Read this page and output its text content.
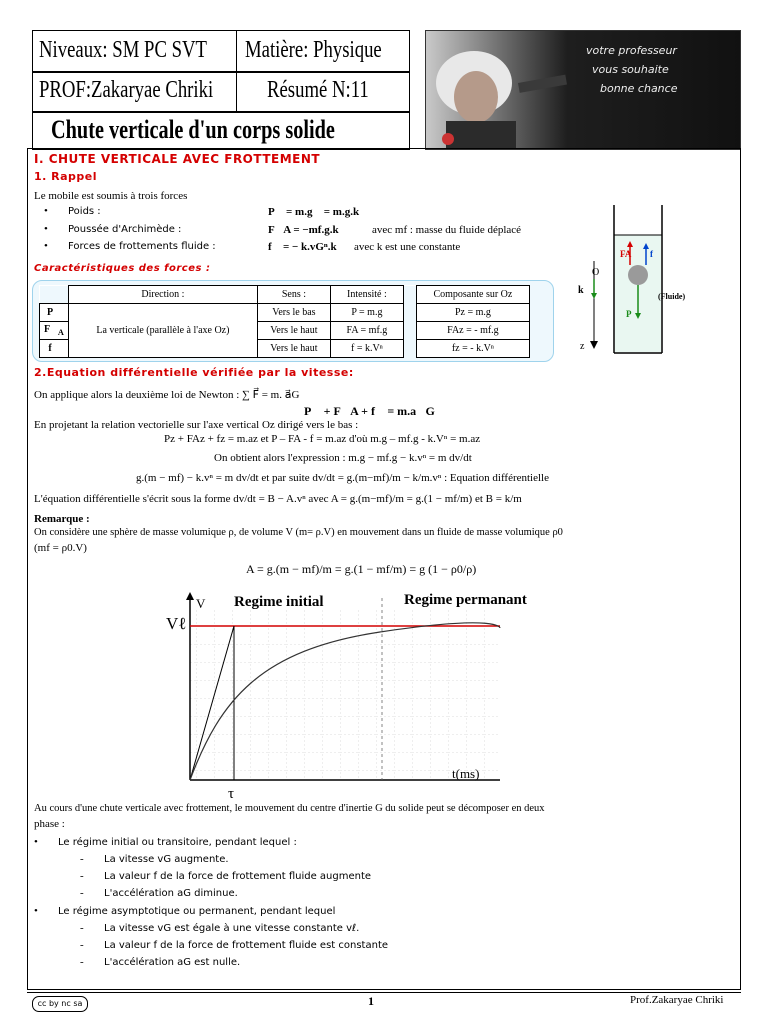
Niveaux: SM PC SVT Matière: Physique
PROF:Zakaryae Chriki Résumé N:11
Chute verticale d'un corps solide
votre professeur
vous souhaite
bonne chance
I. CHUTE VERTICALE AVEC FROTTEMENT
1. Rappel
Le mobile est soumis à trois forces
• Poids :	P⃗ = m.g⃗ = m.g.k⃗
• Poussée d'Archimède :	F⃗A = −mf.g.k⃗ avec mf : masse du fluide déplacé
• Forces de frottements fluide :	f⃗ = − k.vGⁿ.k⃗ avec k est une constante
Caractéristiques des forces :
	Direction :	Sens :	Intensité :		Composante sur Oz
P⃗	La verticale (parallèle à l'axe Oz)	Vers le bas	P = m.g		Pz = m.g
$F⃗_A$		Vers le haut	FA = mf.g		FAz = - mf.g
f⃗		Vers le haut	f = k.Vⁿ		fz = - k.Vⁿ
O
k
z
(Fluide)
FA f
P
2.Equation différentielle vérifiée par la vitesse:
On applique alors la deuxième loi de Newton : ∑ F⃗ = m. a⃗G
P⃗ + F⃗A + f⃗ = m.a⃗G
En projetant la relation vectorielle sur l'axe vertical Oz dirigé vers le bas :
Pz + FAz + fz = m.az et P – FA - f = m.az d'où m.g – mf.g - k.Vⁿ = m.az
On obtient alors l'expression : m.g − mf.g − k.vⁿ = m dv/dt
g.(m − mf) − k.vⁿ = m dv/dt et par suite dv/dt = g.(m−mf)/m − k/m.vⁿ : Equation différentielle
L'équation différentielle s'écrit sous la forme dv/dt = B − A.vⁿ avec A = g.(m−mf)/m = g.(1 − mf/m) et B = k/m
Remarque :
On considère une sphère de masse volumique ρ, de volume V (m= ρ.V) en mouvement dans un fluide de masse volumique ρ0
(mf = ρ0.V)
A = g.(m − mf)/m = g.(1 − mf/m) = g (1 − ρ0/ρ)
V
Vℓ
τ
t(ms)
Regime initial	Regime permanant
Au cours d'une chute verticale avec frottement, le mouvement du centre d'inertie G du solide peut se décomposer en deux
phase :
• Le régime initial ou transitoire, pendant lequel :
- La vitesse vG augmente.
- La valeur f de la force de frottement fluide augmente
- L'accélération aG diminue.
• Le régime asymptotique ou permanent, pendant lequel
- La vitesse vG est égale à une vitesse constante vℓ.
- La valeur f de la force de frottement fluide est constante
- L'accélération aG est nulle.
cc by nc sa	1	Prof.Zakaryae Chriki
